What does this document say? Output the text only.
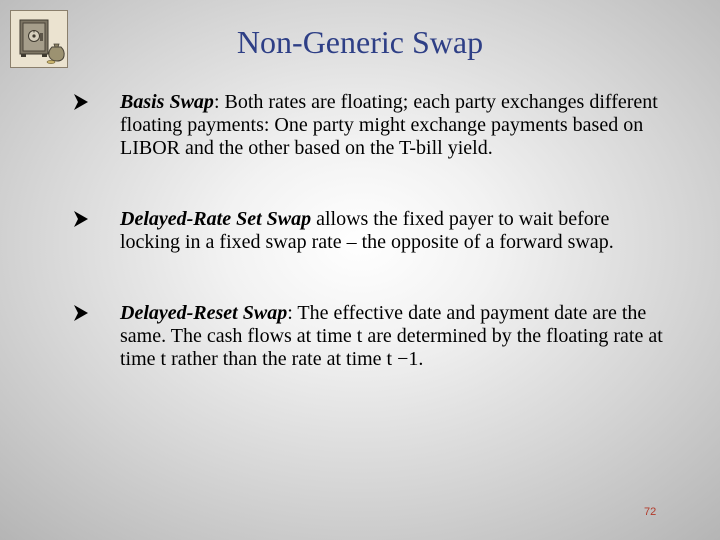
Non-Generic Swap
Basis Swap: Both rates are floating; each party exchanges different floating payments: One party might exchange payments based on LIBOR and the other based on the T-bill yield.
Delayed-Rate Set Swap allows the fixed payer to wait before locking in a fixed swap rate – the opposite of a forward swap.
Delayed-Reset Swap: The effective date and payment date are the same. The cash flows at time t are determined by the floating rate at time t rather than the rate at time t −1.
72
